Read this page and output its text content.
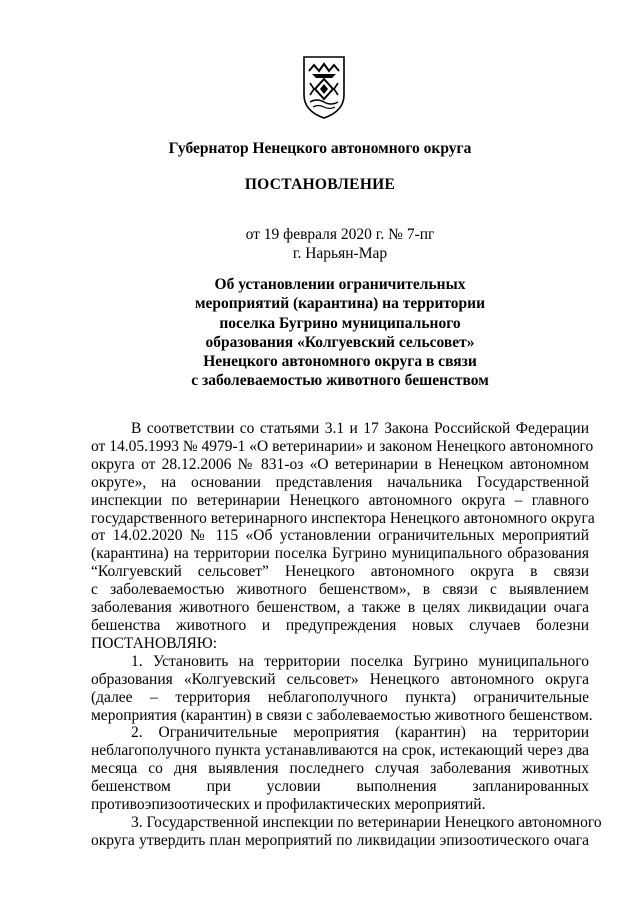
Губернатор Ненецкого автономного округа
ПОСТАНОВЛЕНИЕ
от 19 февраля 2020 г. № 7-пг
г. Нарьян-Мар
Об установлении ограничительных
мероприятий (карантина) на территории
поселка Бугрино муниципального
образования «Колгуевский сельсовет»
Ненецкого автономного округа в связи
с заболеваемостью животного бешенством
В соответствии со статьями 3.1 и 17 Закона Российской Федерации
от 14.05.1993 № 4979-1 «О ветеринарии» и законом Ненецкого автономного
округа от 28.12.2006 № 831-оз «О ветеринарии в Ненецком автономном
округе», на основании представления начальника Государственной
инспекции по ветеринарии Ненецкого автономного округа – главного
государственного ветеринарного инспектора Ненецкого автономного округа
от 14.02.2020 № 115 «Об установлении ограничительных мероприятий
(карантина) на территории поселка Бугрино муниципального образования
“Колгуевский сельсовет” Ненецкого автономного округа в связи
с заболеваемостью животного бешенством», в связи с выявлением
заболевания животного бешенством, а также в целях ликвидации очага
бешенства животного и предупреждения новых случаев болезни
ПОСТАНОВЛЯЮ:
1. Установить на территории поселка Бугрино муниципального
образования «Колгуевский сельсовет» Ненецкого автономного округа
(далее – территория неблагополучного пункта) ограничительные
мероприятия (карантин) в связи с заболеваемостью животного бешенством.
2. Ограничительные мероприятия (карантин) на территории
неблагополучного пункта устанавливаются на срок, истекающий через два
месяца со дня выявления последнего случая заболевания животных
бешенством при условии выполнения запланированных
противоэпизоотических и профилактических мероприятий.
3. Государственной инспекции по ветеринарии Ненецкого автономного
округа утвердить план мероприятий по ликвидации эпизоотического очага
